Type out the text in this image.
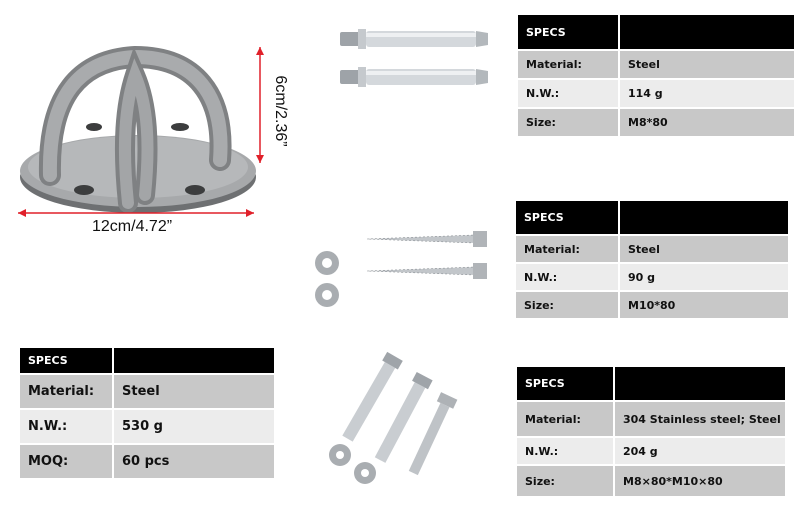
12cm/4.72”
6cm/2.36”
SPECS	
Material:	Steel
N.W.:	114 g
Size:	M8*80
SPECS	
Material:	Steel
N.W.:	90 g
Size:	M10*80
SPECS	
Material:	Steel
N.W.:	530 g
MOQ:	60 pcs
SPECS	
Material:	304 Stainless steel; Steel
N.W.:	204 g
Size:	M8×80*M10×80
